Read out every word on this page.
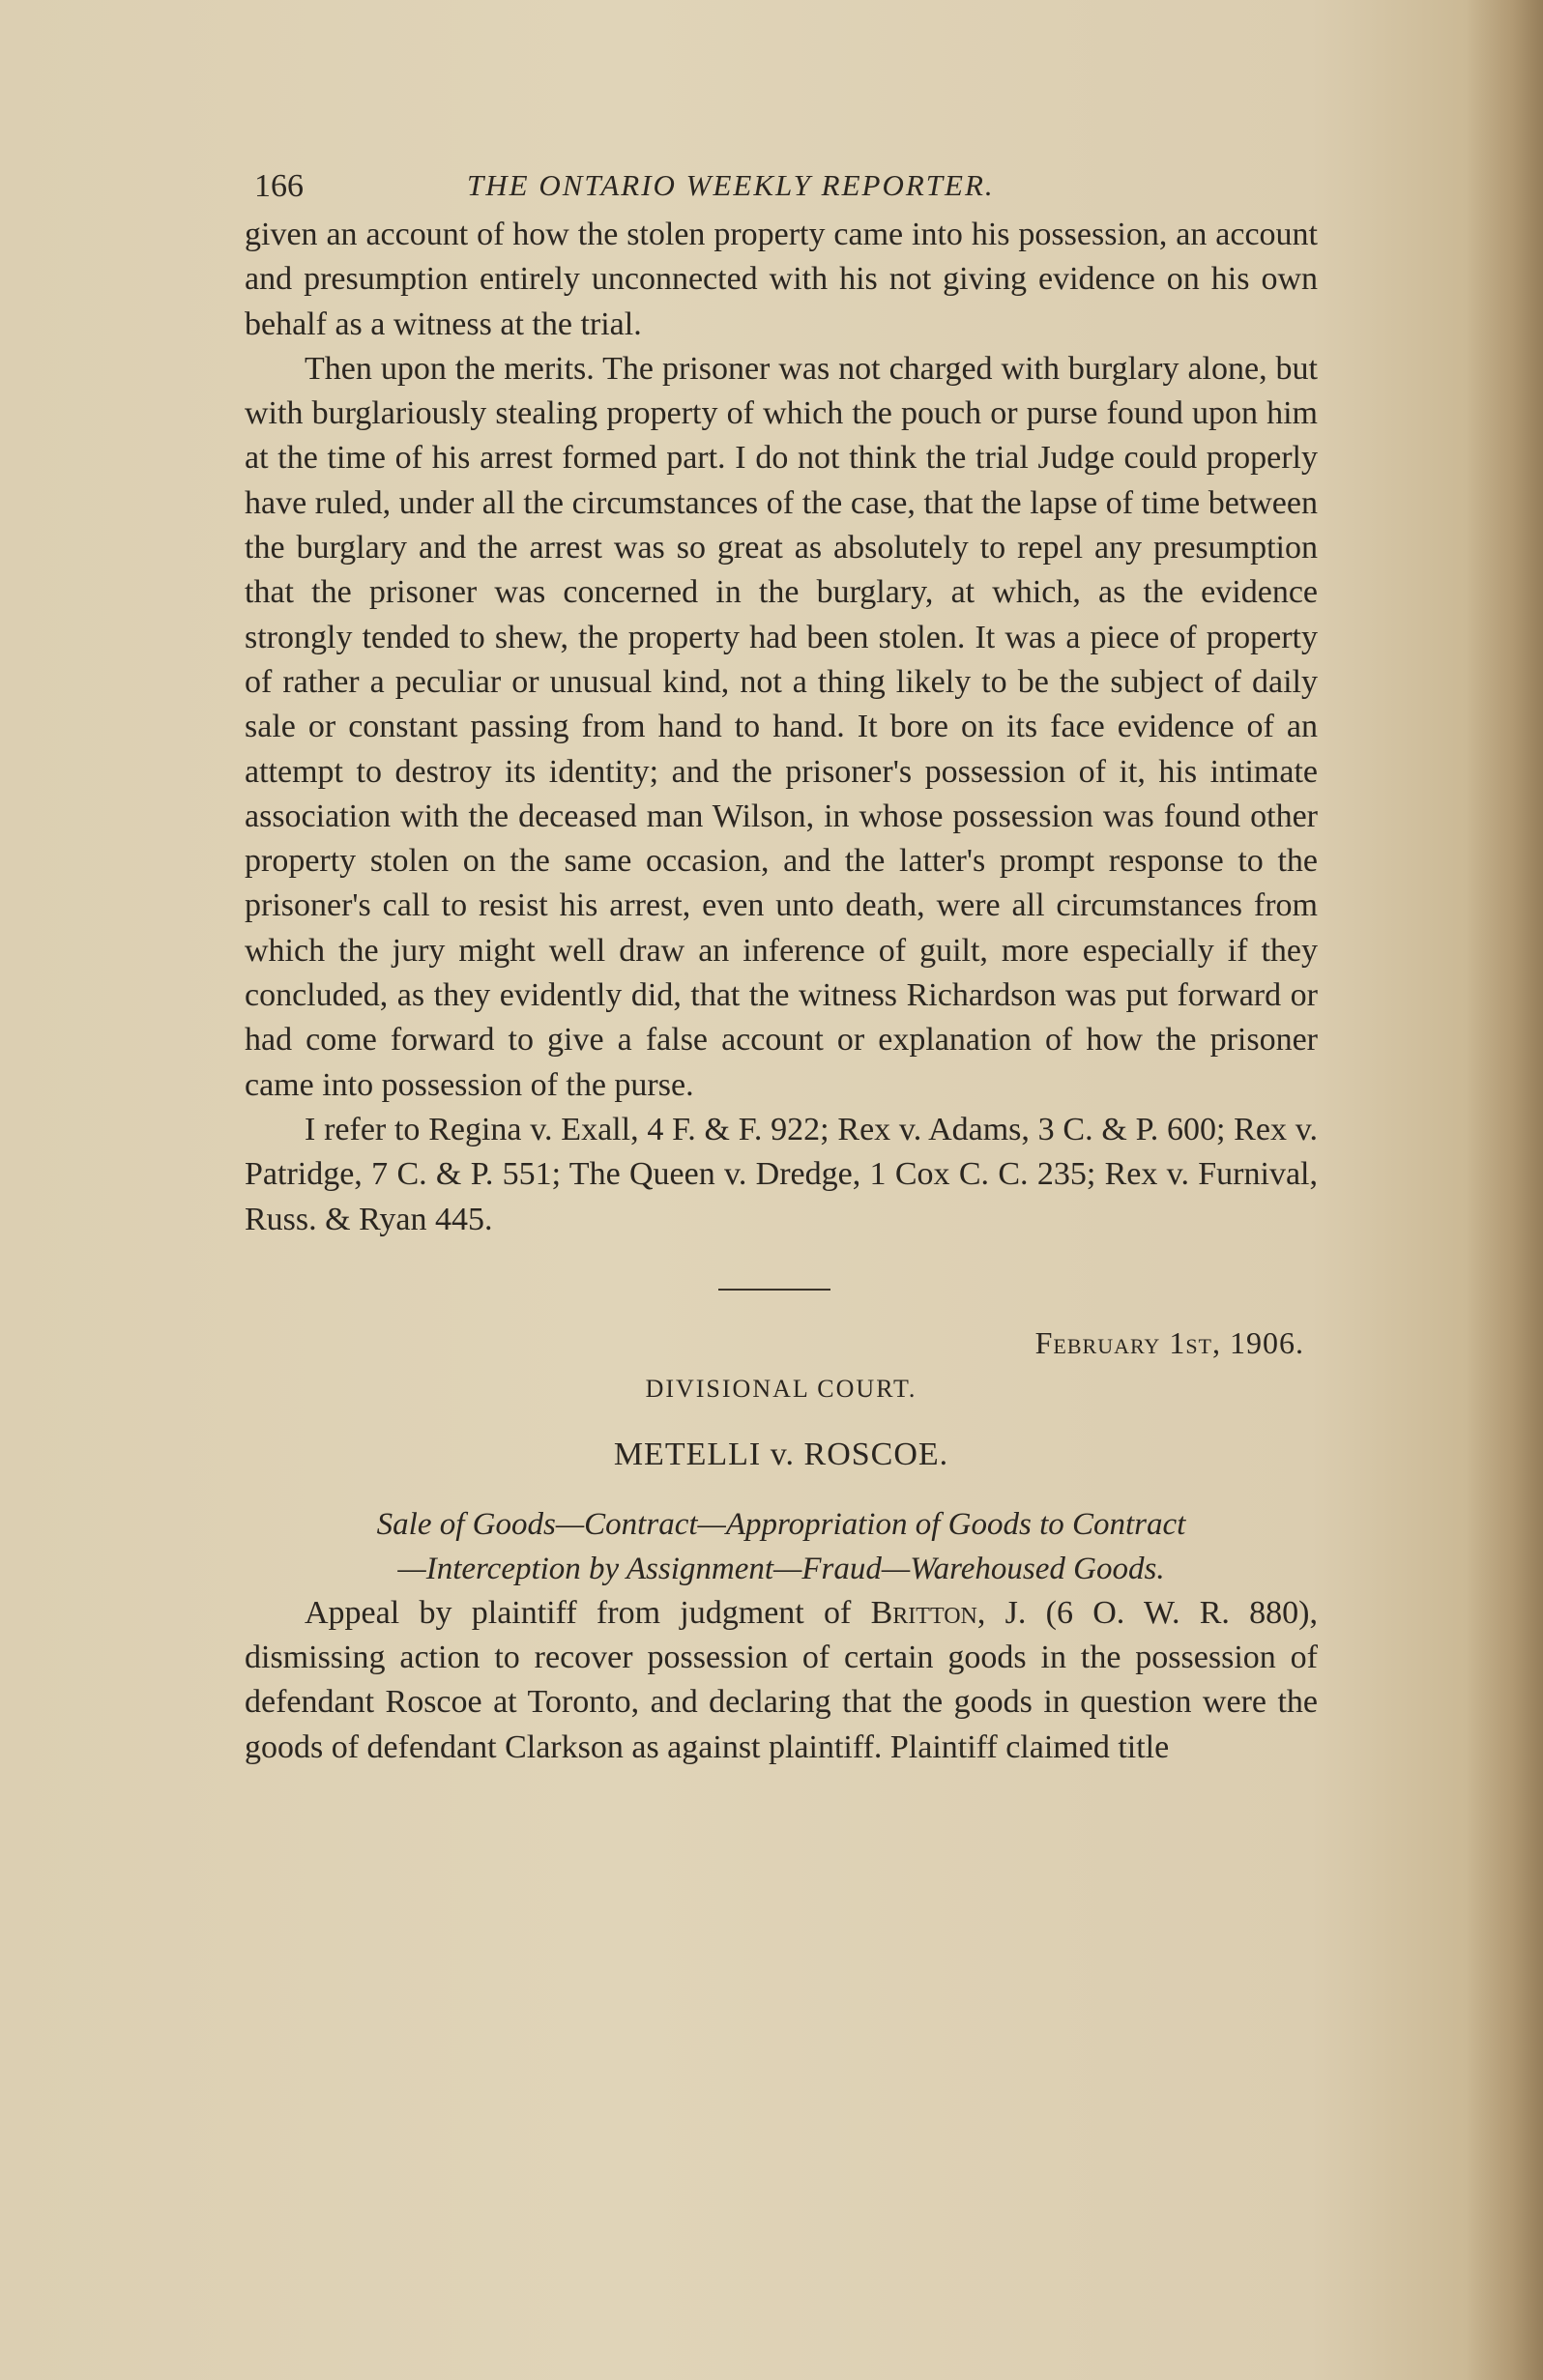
166	THE ONTARIO WEEKLY REPORTER.

given an account of how the stolen property came into his possession, an account and presumption entirely unconnected with his not giving evidence on his own behalf as a witness at the trial.

Then upon the merits. The prisoner was not charged with burglary alone, but with burglariously stealing property of which the pouch or purse found upon him at the time of his arrest formed part. I do not think the trial Judge could properly have ruled, under all the circumstances of the case, that the lapse of time between the burglary and the arrest was so great as absolutely to repel any presumption that the prisoner was concerned in the burglary, at which, as the evidence strongly tended to shew, the property had been stolen. It was a piece of property of rather a peculiar or unusual kind, not a thing likely to be the subject of daily sale or constant passing from hand to hand. It bore on its face evidence of an attempt to destroy its identity; and the prisoner's possession of it, his intimate association with the deceased man Wilson, in whose possession was found other property stolen on the same occasion, and the latter's prompt response to the prisoner's call to resist his arrest, even unto death, were all circumstances from which the jury might well draw an inference of guilt, more especially if they concluded, as they evidently did, that the witness Richardson was put forward or had come forward to give a false account or explanation of how the prisoner came into possession of the purse.

I refer to Regina v. Exall, 4 F. & F. 922; Rex v. Adams, 3 C. & P. 600; Rex v. Patridge, 7 C. & P. 551; The Queen v. Dredge, 1 Cox C. C. 235; Rex v. Furnival, Russ. & Ryan 445.

February 1st, 1906.
DIVISIONAL COURT.
METELLI v. ROSCOE.
Sale of Goods—Contract—Appropriation of Goods to Contract
—Interception by Assignment—Fraud—Warehoused Goods.

Appeal by plaintiff from judgment of Britton, J. (6 O. W. R. 880), dismissing action to recover possession of certain goods in the possession of defendant Roscoe at Toronto, and declaring that the goods in question were the goods of defendant Clarkson as against plaintiff. Plaintiff claimed title
